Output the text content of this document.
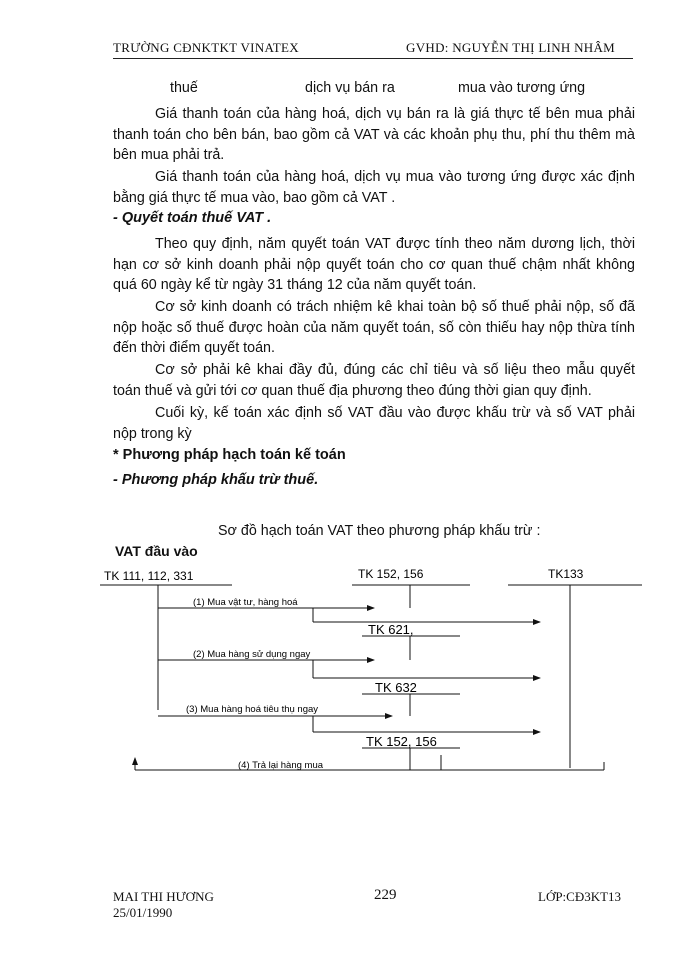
TRƯỜNG CĐNKTKT VINATEX	GVHD: NGUYỄN THỊ LINH NHÂM
thuế	dịch vụ bán ra	mua vào tương ứng
Giá thanh toán của hàng hoá, dịch vụ bán ra là giá thực tế bên mua phải thanh toán cho bên bán, bao gồm cả VAT và các khoản phụ thu, phí thu thêm mà bên mua phải trả.
Giá thanh toán của hàng hoá, dịch vụ mua vào tương ứng được xác định bằng giá thực tế mua vào, bao gồm cả VAT .
- Quyết toán thuế VAT .
Theo quy định, năm quyết toán VAT được tính theo năm dương lịch, thời hạn cơ sở kinh doanh phải nộp quyết toán cho cơ quan thuế chậm nhất không quá 60 ngày kể từ ngày 31 tháng 12 của năm quyết toán.
Cơ sở kinh doanh có trách nhiệm kê khai toàn bộ số thuế phải nộp, số đã nộp hoặc số thuế được hoàn của năm quyết toán, số còn thiếu hay nộp thừa tính đến thời điểm quyết toán.
Cơ sở phải kê khai đầy đủ, đúng các chỉ tiêu và số liệu theo mẫu quyết toán thuế và gửi tới cơ quan thuế địa phương theo đúng thời gian quy định.
Cuối kỳ, kế toán xác định số VAT đầu vào được khấu trừ và số VAT phải nộp trong kỳ
* Phương pháp hạch toán kế toán
- Phương pháp khấu trừ thuế.
Sơ đồ hạch toán VAT theo phương pháp khấu trừ :
VAT đầu vào
TK 111, 112, 331	TK 152, 156	TK133
TK 621,
TK 632
TK 152, 156
(1) Mua vật tư, hàng hoá
(2) Mua hàng sử dụng ngay
(3) Mua hàng hoá tiêu thụ ngay
(4) Trả lại hàng mua
MAI THI HƯƠNG
25/01/1990
229	LỚP:CĐ3KT13
